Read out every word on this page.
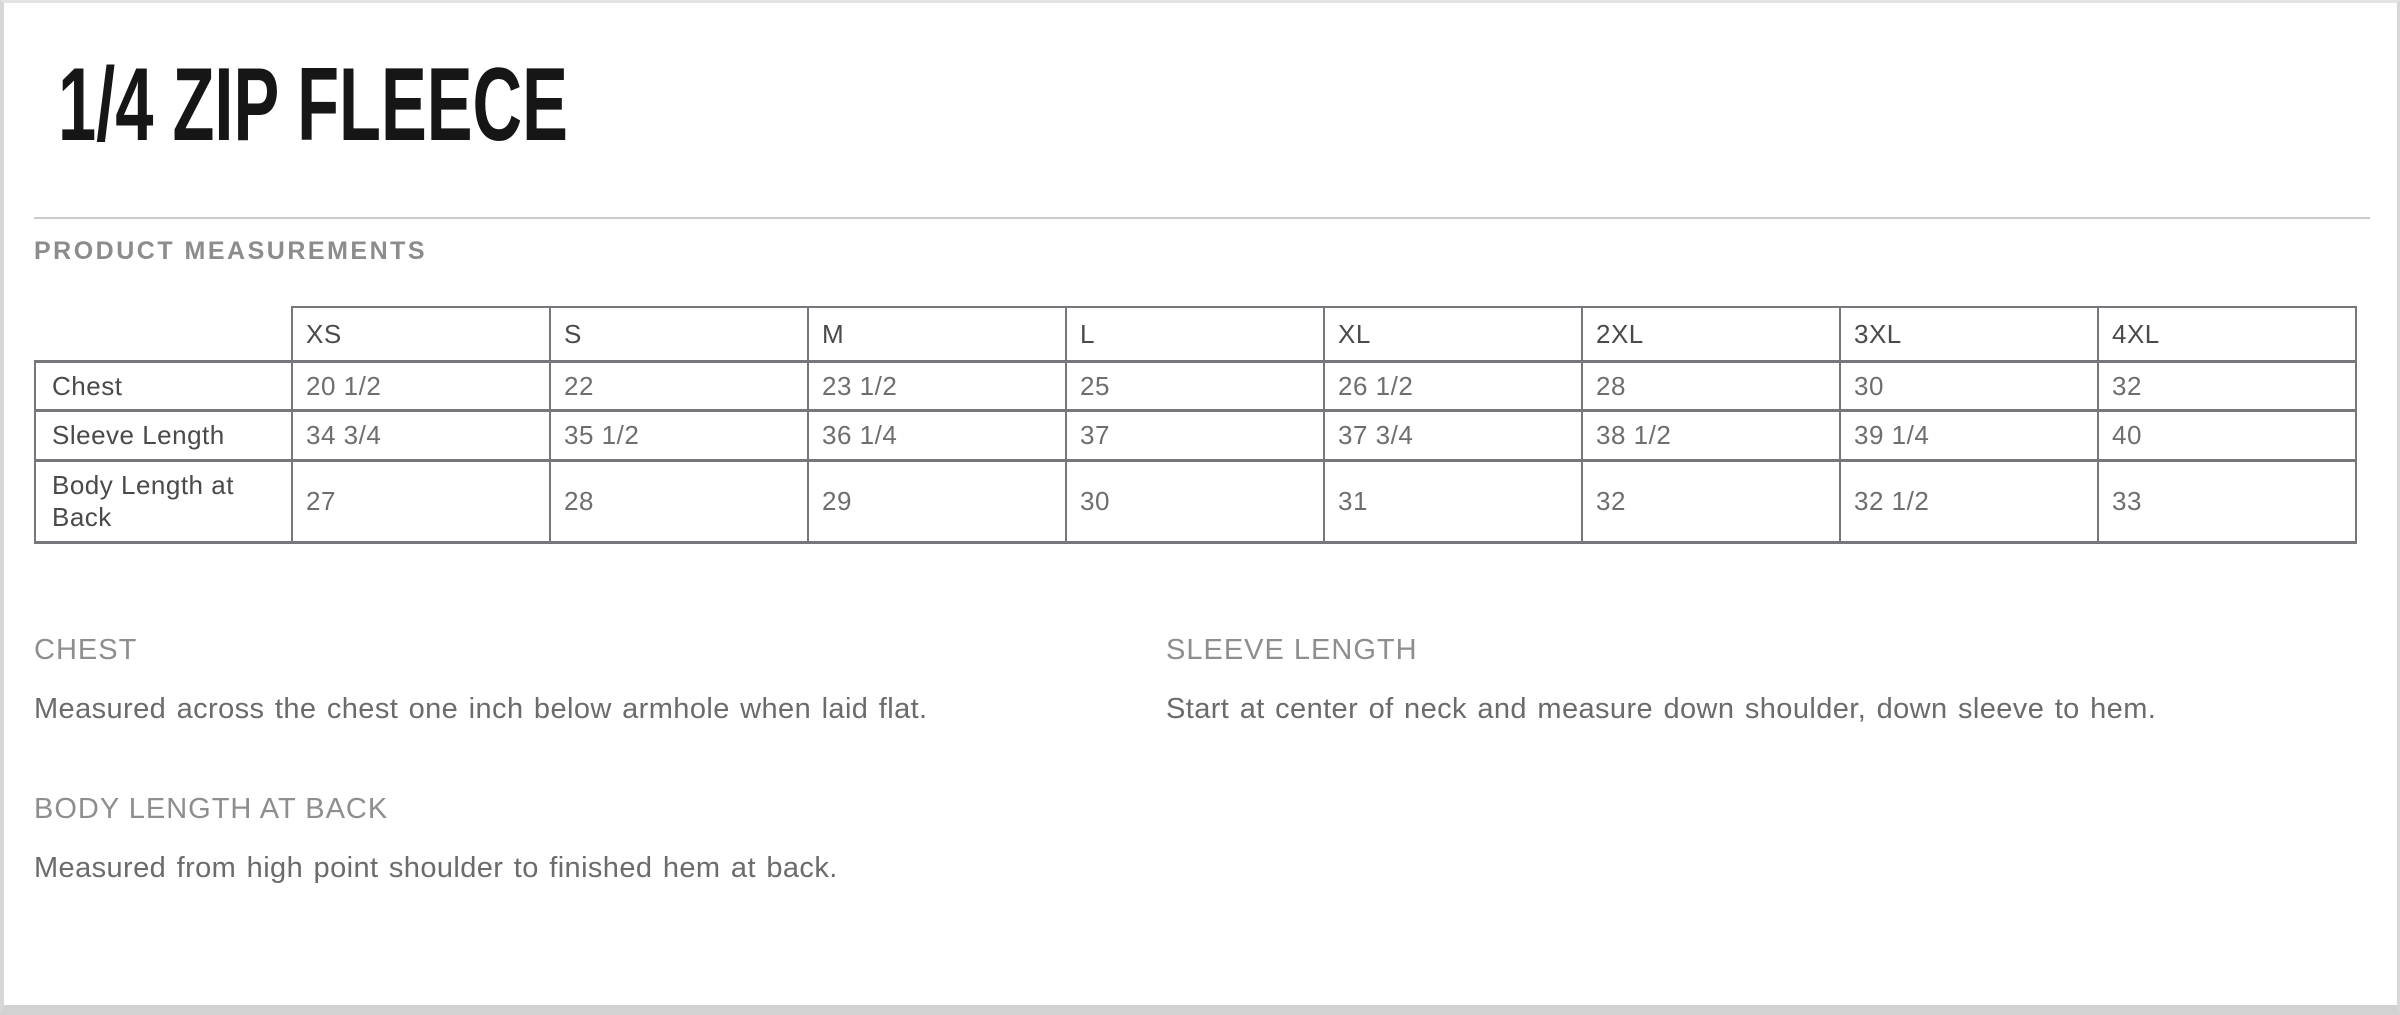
1/4 ZIP FLEECE
PRODUCT MEASUREMENTS
	XS	S	M	L	XL	2XL	3XL	4XL
Chest	20 1/2	22	23 1/2	25	26 1/2	28	30	32
Sleeve Length	34 3/4	35 1/2	36 1/4	37	37 3/4	38 1/2	39 1/4	40
Body Length at Back	27	28	29	30	31	32	32 1/2	33
CHEST

Measured across the chest one inch below armhole when laid flat.

SLEEVE LENGTH

Start at center of neck and measure down shoulder, down sleeve to hem.

BODY LENGTH AT BACK

Measured from high point shoulder to finished hem at back.
